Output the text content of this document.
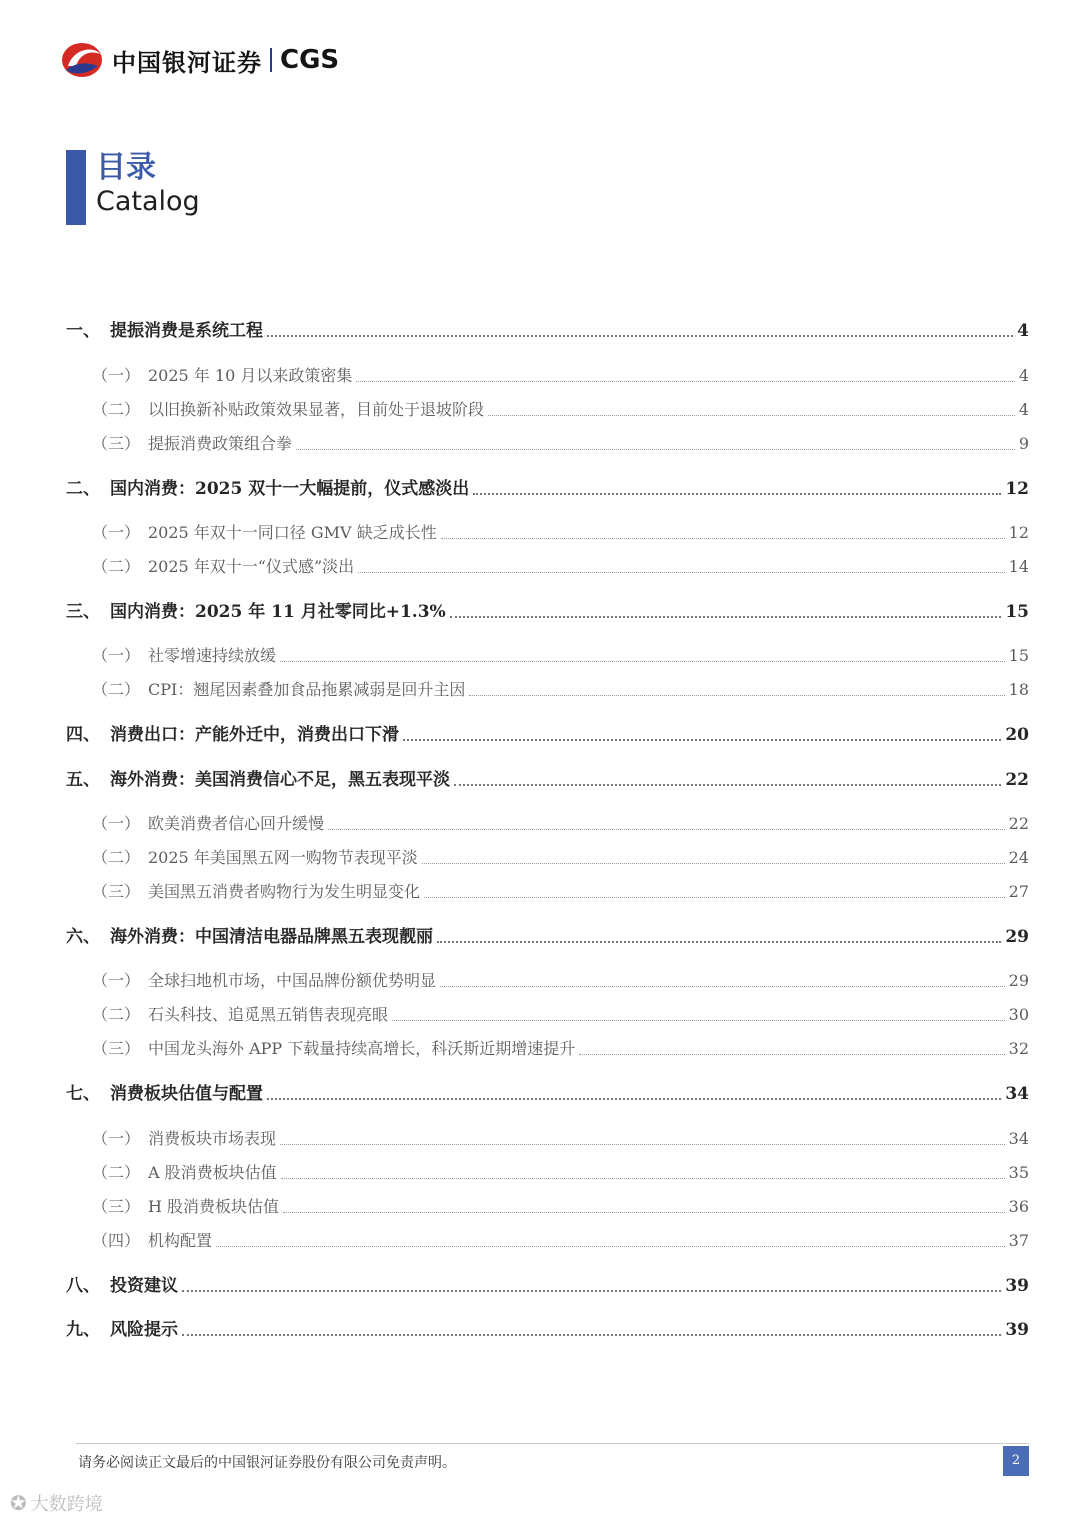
中国银河证券 CGS
目录
Catalog
一、 提振消费是系统工程	4
（一） 2025 年 10 月以来政策密集	4
（二） 以旧换新补贴政策效果显著，目前处于退坡阶段	4
（三） 提振消费政策组合拳	9
二、 国内消费：2025 双十一大幅提前，仪式感淡出	12
（一） 2025 年双十一同口径 GMV 缺乏成长性	12
（二） 2025 年双十一“仪式感”淡出	14
三、 国内消费：2025 年 11 月社零同比+1.3%	15
（一） 社零增速持续放缓	15
（二） CPI：翘尾因素叠加食品拖累减弱是回升主因	18
四、 消费出口：产能外迁中，消费出口下滑	20
五、 海外消费：美国消费信心不足，黑五表现平淡	22
（一） 欧美消费者信心回升缓慢	22
（二） 2025 年美国黑五网一购物节表现平淡	24
（三） 美国黑五消费者购物行为发生明显变化	27
六、 海外消费：中国清洁电器品牌黑五表现靓丽	29
（一） 全球扫地机市场，中国品牌份额优势明显	29
（二） 石头科技、追觅黑五销售表现亮眼	30
（三） 中国龙头海外 APP 下载量持续高增长，科沃斯近期增速提升	32
七、 消费板块估值与配置	34
（一） 消费板块市场表现	34
（二） A 股消费板块估值	35
（三） H 股消费板块估值	36
（四） 机构配置	37
八、 投资建议	39
九、 风险提示	39
请务必阅读正文最后的中国银河证券股份有限公司免责声明。	2
✪ 大数跨境
